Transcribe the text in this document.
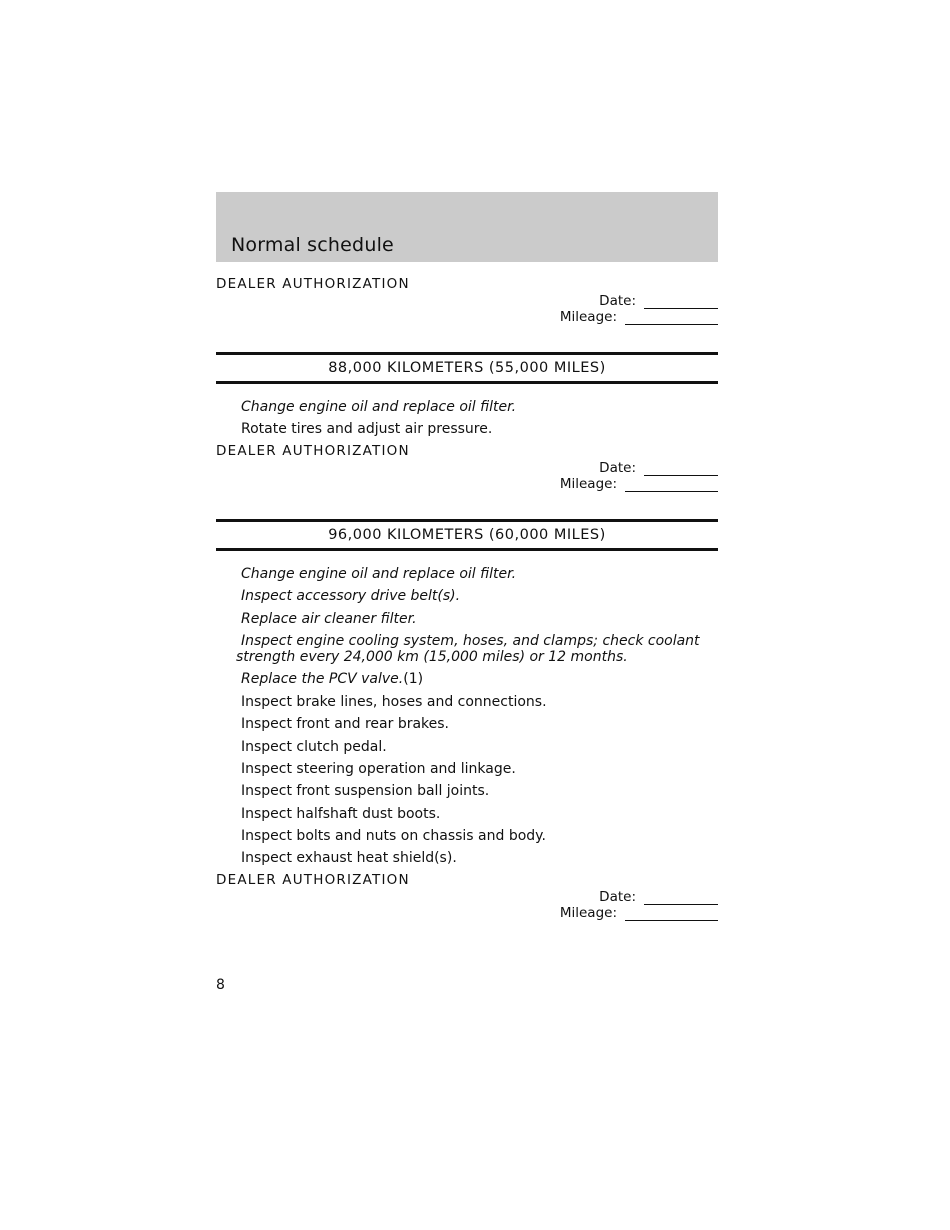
Normal schedule

DEALER AUTHORIZATION

Date:
Mileage:
88,000 KILOMETERS (55,000 MILES)
Change engine oil and replace oil filter.
Rotate tires and adjust air pressure.

DEALER AUTHORIZATION

Date:
Mileage:
96,000 KILOMETERS (60,000 MILES)
Change engine oil and replace oil filter.
Inspect accessory drive belt(s).
Replace air cleaner filter.
Inspect engine cooling system, hoses, and clamps; check coolant
strength every 24,000 km (15,000 miles) or 12 months.
Replace the PCV valve.(1)
Inspect brake lines, hoses and connections.
Inspect front and rear brakes.
Inspect clutch pedal.
Inspect steering operation and linkage.
Inspect front suspension ball joints.
Inspect halfshaft dust boots.
Inspect bolts and nuts on chassis and body.
Inspect exhaust heat shield(s).

DEALER AUTHORIZATION

Date:
Mileage:
8
